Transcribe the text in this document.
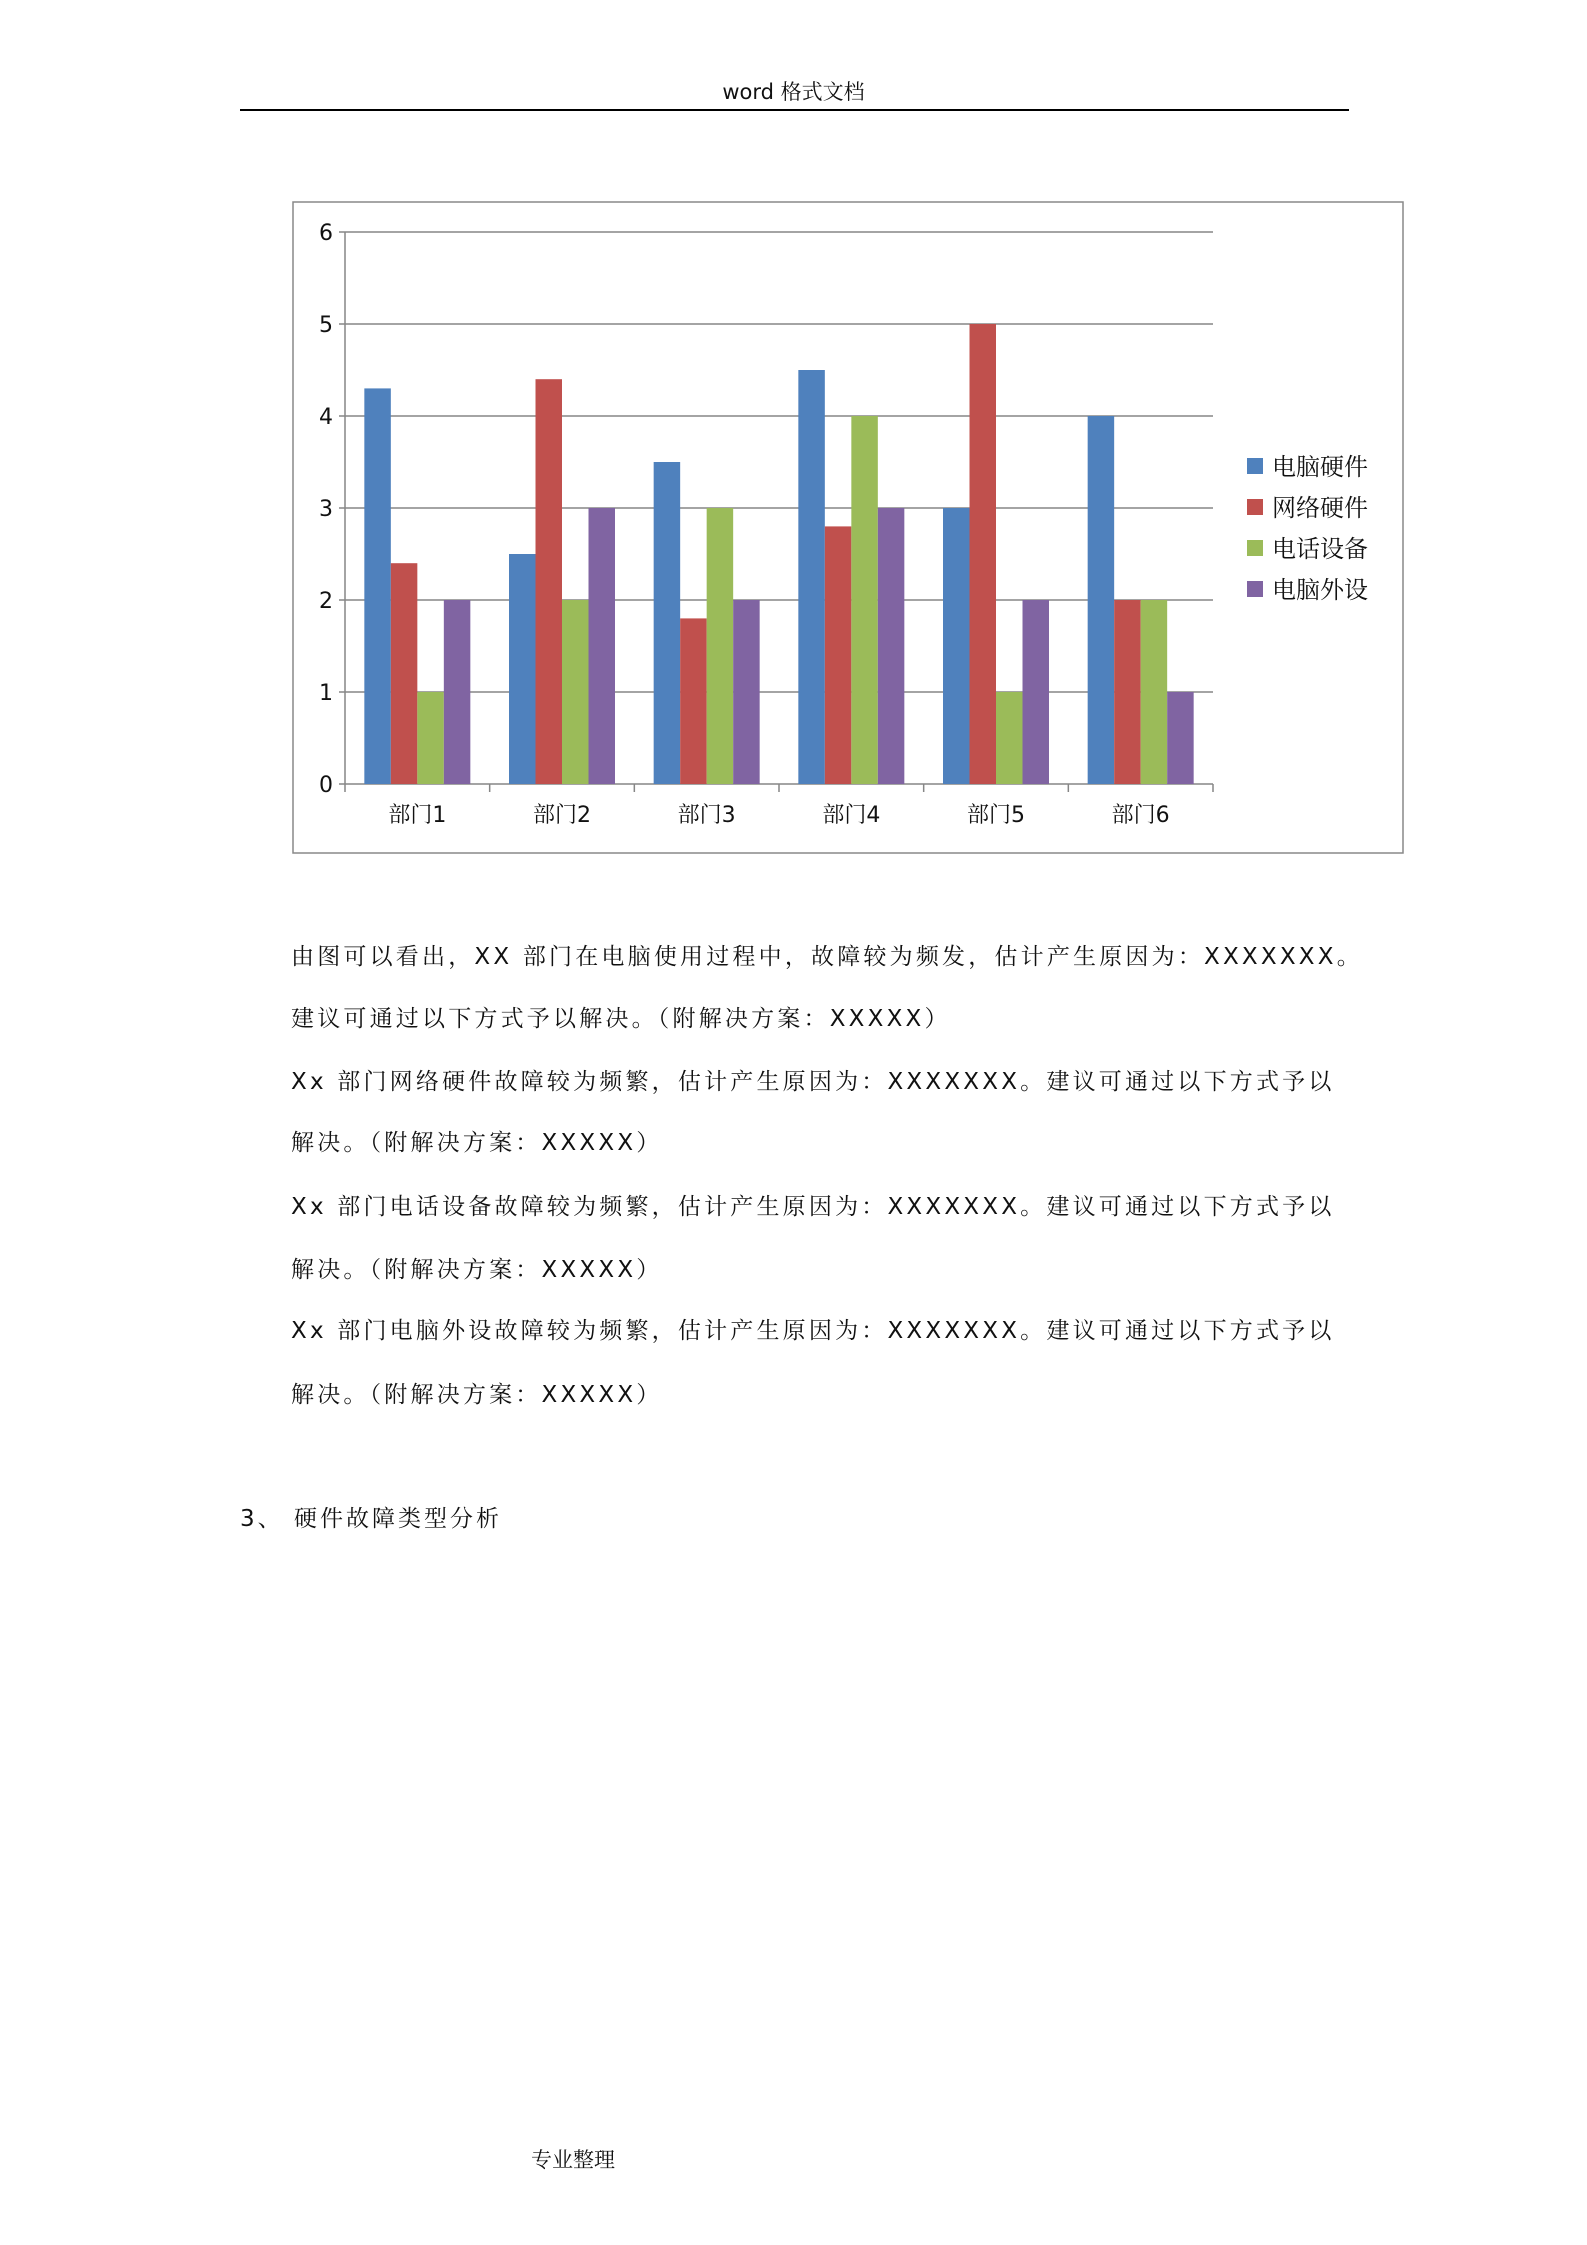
word 格式文档
0
1
2
3
4
5
6
部门1	部门2	部门3	部门4	部门5	部门6
电脑硬件
网络硬件
电话设备
电脑外设
由图可以看出，XX 部门在电脑使用过程中，故障较为频发，估计产生原因为：XXXXXXX。
建议可通过以下方式予以解决。（附解决方案：XXXXX）
Xx 部门网络硬件故障较为频繁，估计产生原因为：XXXXXXX。建议可通过以下方式予以
解决。（附解决方案：XXXXX）
Xx 部门电话设备故障较为频繁，估计产生原因为：XXXXXXX。建议可通过以下方式予以
解决。（附解决方案：XXXXX）
Xx 部门电脑外设故障较为频繁，估计产生原因为：XXXXXXX。建议可通过以下方式予以
解决。（附解决方案：XXXXX）
3、 硬件故障类型分析
专业整理
